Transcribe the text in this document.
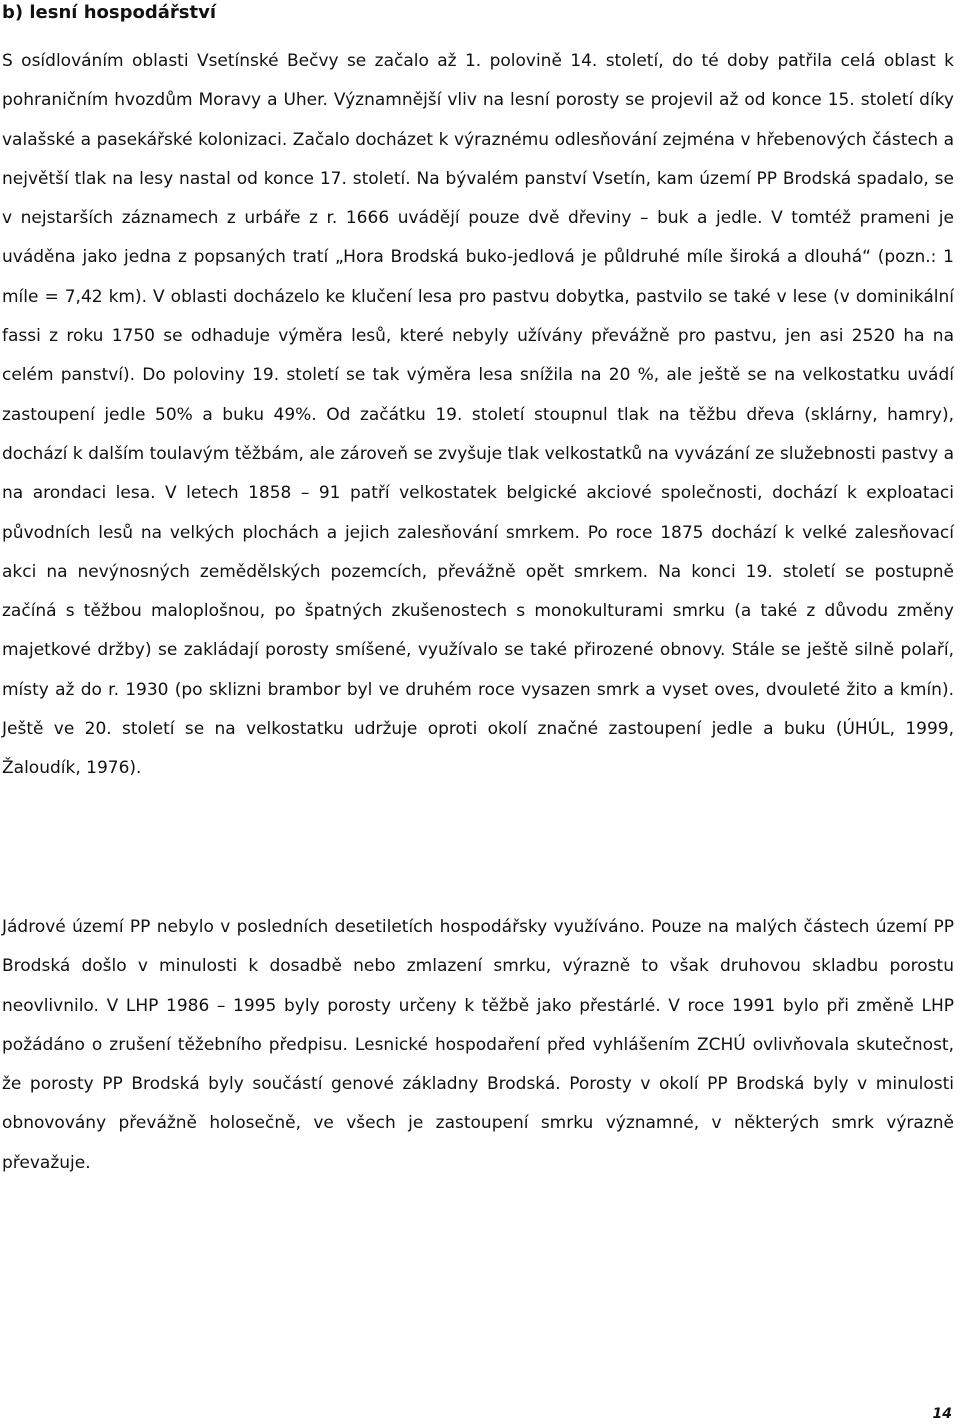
b) lesní hospodářství

S osídlováním oblasti Vsetínské Bečvy se začalo až 1. polovině 14. století, do té doby patřila celá oblast k pohraničním hvozdům Moravy a Uher. Významnější vliv na lesní porosty se projevil až od konce 15. století díky valašské a pasekářské kolonizaci. Začalo docházet k výraznému odlesňování zejména v hřebenových částech a největší tlak na lesy nastal od konce 17. století. Na bývalém panství Vsetín, kam území PP Brodská spadalo, se v nejstarších záznamech z urbáře z r. 1666 uvádějí pouze dvě dřeviny – buk a jedle. V tomtéž prameni je uváděna jako jedna z popsaných tratí „Hora Brodská buko-jedlová je půldruhé míle široká a dlouhá“ (pozn.: 1 míle = 7,42 km). V oblasti docházelo ke klučení lesa pro pastvu dobytka, pastvilo se také v lese (v dominikální fassi z roku 1750 se odhaduje výměra lesů, které nebyly užívány převážně pro pastvu, jen asi 2520 ha na celém panství). Do poloviny 19. století se tak výměra lesa snížila na 20 %, ale ještě se na velkostatku uvádí zastoupení jedle 50% a buku 49%. Od začátku 19. století stoupnul tlak na těžbu dřeva (sklárny, hamry), dochází k dalším toulavým těžbám, ale zároveň se zvyšuje tlak velkostatků na vyvázání ze služebnosti pastvy a na arondaci lesa. V letech 1858 – 91 patří velkostatek belgické akciové společnosti, dochází k exploataci původních lesů na velkých plochách a jejich zalesňování smrkem. Po roce 1875 dochází k velké zalesňovací akci na nevýnosných zemědělských pozemcích, převážně opět smrkem. Na konci 19. století se postupně začíná s těžbou maloplošnou, po špatných zkušenostech s monokulturami smrku (a také z důvodu změny majetkové držby) se zakládají porosty smíšené, využívalo se také přirozené obnovy. Stále se ještě silně polaří, místy až do r. 1930 (po sklizni brambor byl ve druhém roce vysazen smrk a vyset oves, dvouleté žito a kmín). Ještě ve 20. století se na velkostatku udržuje oproti okolí značné zastoupení jedle a buku (ÚHÚL, 1999, Žaloudík, 1976).

Jádrové území PP nebylo v posledních desetiletích hospodářsky využíváno. Pouze na malých částech území PP Brodská došlo v minulosti k dosadbě nebo zmlazení smrku, výrazně to však druhovou skladbu porostu neovlivnilo. V LHP 1986 – 1995 byly porosty určeny k těžbě jako přestárlé. V roce 1991 bylo při změně LHP požádáno o zrušení těžebního předpisu. Lesnické hospodaření před vyhlášením ZCHÚ ovlivňovala skutečnost, že porosty PP Brodská byly součástí genové základny Brodská. Porosty v okolí PP Brodská byly v minulosti obnovovány převážně holosečně, ve všech je zastoupení smrku významné, v některých smrk výrazně převažuje.

14
